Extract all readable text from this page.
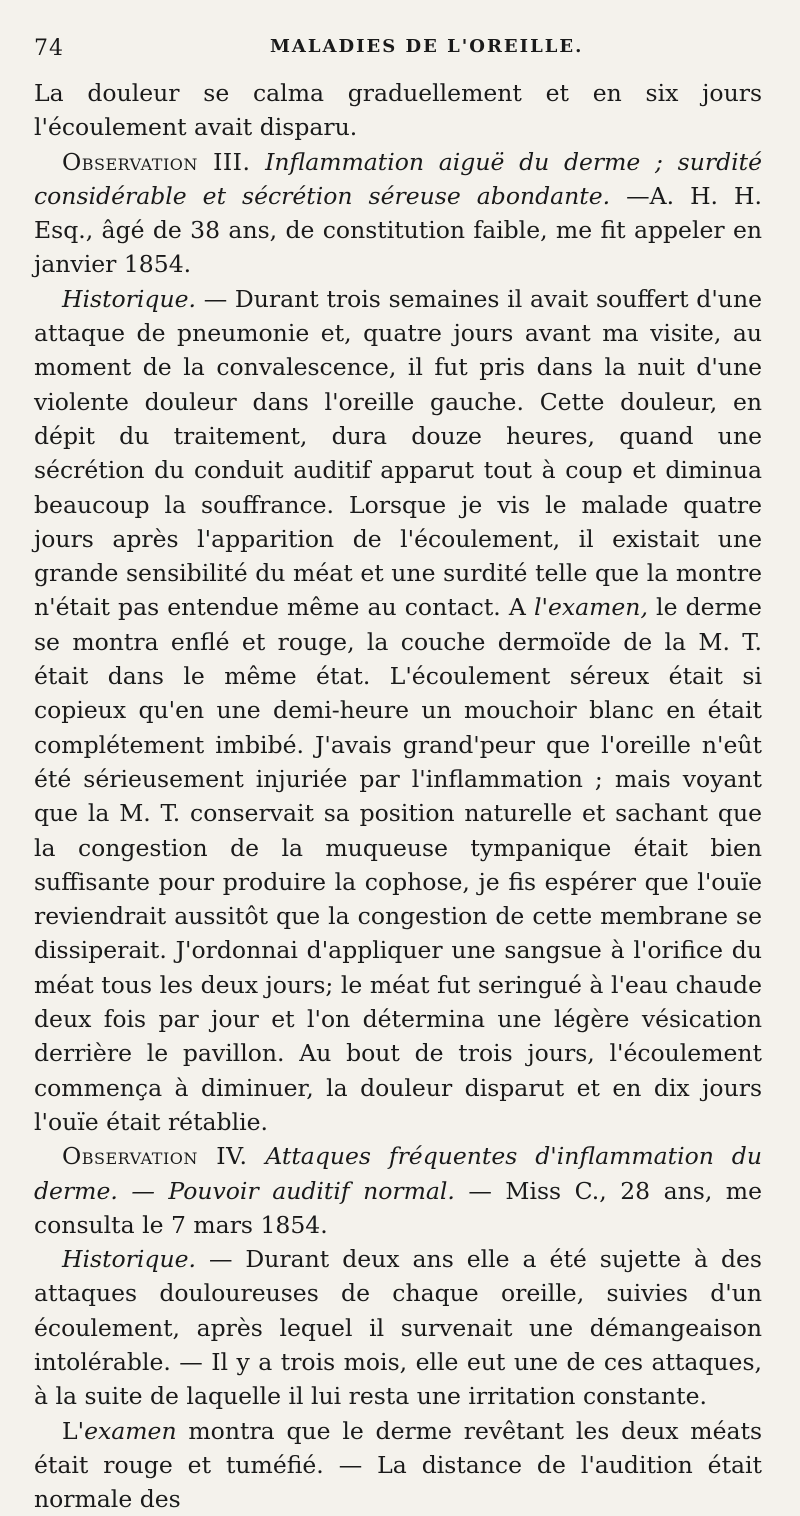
74	MALADIES DE L'OREILLE.

La douleur se calma graduellement et en six jours l'écoulement avait disparu.

Observation III. Inflammation aiguë du derme ; surdité considérable et sécrétion séreuse abondante. —A. H. H. Esq., âgé de 38 ans, de constitution faible, me fit appeler en janvier 1854.

Historique. — Durant trois semaines il avait souffert d'une attaque de pneumonie et, quatre jours avant ma visite, au moment de la convalescence, il fut pris dans la nuit d'une violente douleur dans l'oreille gauche. Cette douleur, en dépit du traitement, dura douze heures, quand une sécrétion du conduit auditif apparut tout à coup et diminua beaucoup la souffrance. Lorsque je vis le malade quatre jours après l'apparition de l'écoulement, il existait une grande sensibilité du méat et une surdité telle que la montre n'était pas entendue même au contact. A l'examen, le derme se montra enflé et rouge, la couche dermoïde de la M. T. était dans le même état. L'écoulement séreux était si copieux qu'en une demi-heure un mouchoir blanc en était complétement imbibé. J'avais grand'peur que l'oreille n'eût été sérieusement injuriée par l'inflammation ; mais voyant que la M. T. conservait sa position naturelle et sachant que la congestion de la muqueuse tympanique était bien suffisante pour produire la cophose, je fis espérer que l'ouïe reviendrait aussitôt que la congestion de cette membrane se dissiperait. J'ordonnai d'appliquer une sangsue à l'orifice du méat tous les deux jours; le méat fut seringué à l'eau chaude deux fois par jour et l'on détermina une légère vésication derrière le pavillon. Au bout de trois jours, l'écoulement commença à diminuer, la douleur disparut et en dix jours l'ouïe était rétablie.

Observation IV. Attaques fréquentes d'inflammation du derme. — Pouvoir auditif normal. — Miss C., 28 ans, me consulta le 7 mars 1854.

Historique. — Durant deux ans elle a été sujette à des attaques douloureuses de chaque oreille, suivies d'un écoulement, après lequel il survenait une démangeaison intolérable. — Il y a trois mois, elle eut une de ces attaques, à la suite de laquelle il lui resta une irritation constante.

L'examen montra que le derme revêtant les deux méats était rouge et tuméfié. — La distance de l'audition était normale des
